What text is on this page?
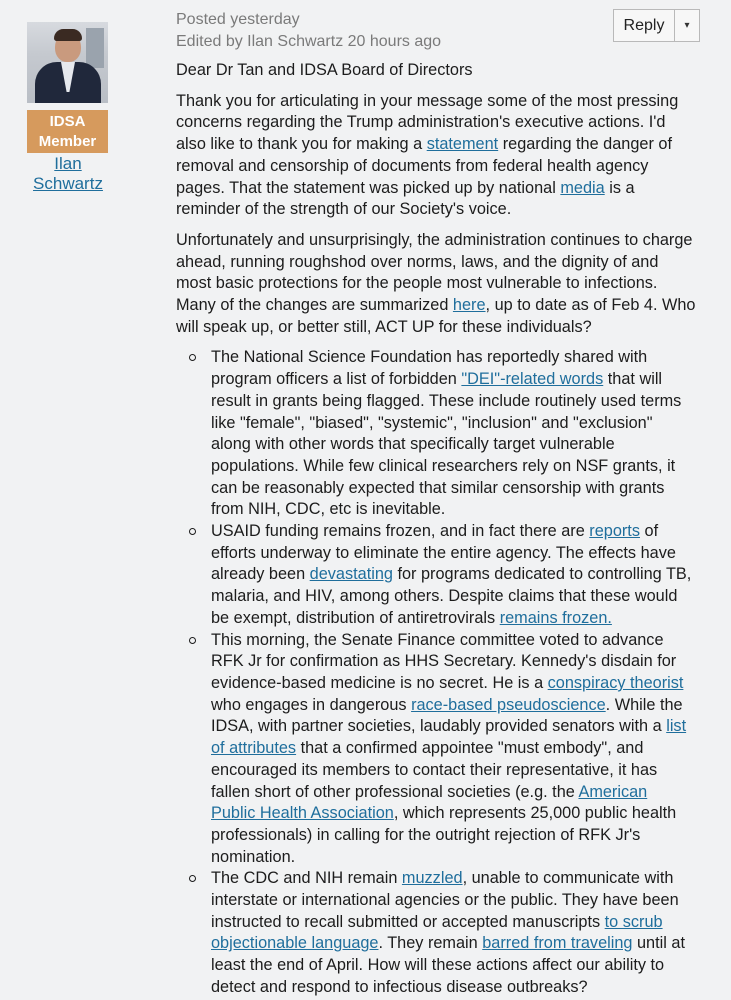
IDSA
Member
Ilan Schwartz
Posted yesterday
Edited by Ilan Schwartz 20 hours ago
Reply	▾

Dear Dr Tan and IDSA Board of Directors

Thank you for articulating in your message some of the most pressing concerns regarding the Trump administration's executive actions. I'd also like to thank you for making a statement regarding the danger of removal and censorship of documents from federal health agency pages. That the statement was picked up by national media is a reminder of the strength of our Society's voice.

Unfortunately and unsurprisingly, the administration continues to charge ahead, running roughshod over norms, laws, and the dignity of and most basic protections for the people most vulnerable to infections. Many of the changes are summarized here, up to date as of Feb 4. Who will speak up, or better still, ACT UP for these individuals?

The National Science Foundation has reportedly shared with program officers a list of forbidden "DEI"-related words that will result in grants being flagged. These include routinely used terms like "female", "biased", "systemic", "inclusion" and "exclusion" along with other words that specifically target vulnerable populations. While few clinical researchers rely on NSF grants, it can be reasonably expected that similar censorship with grants from NIH, CDC, etc is inevitable.
USAID funding remains frozen, and in fact there are reports of efforts underway to eliminate the entire agency. The effects have already been devastating for programs dedicated to controlling TB, malaria, and HIV, among others. Despite claims that these would be exempt, distribution of antiretrovirals remains frozen.
This morning, the Senate Finance committee voted to advance RFK Jr for confirmation as HHS Secretary. Kennedy's disdain for evidence-based medicine is no secret. He is a conspiracy theorist who engages in dangerous race-based pseudoscience. While the IDSA, with partner societies, laudably provided senators with a list of attributes that a confirmed appointee "must embody", and encouraged its members to contact their representative, it has fallen short of other professional societies (e.g. the American Public Health Association, which represents 25,000 public health professionals) in calling for the outright rejection of RFK Jr's nomination.
The CDC and NIH remain muzzled, unable to communicate with interstate or international agencies or the public. They have been instructed to recall submitted or accepted manuscripts to scrub objectionable language. They remain barred from traveling until at least the end of April. How will these actions affect our ability to detect and respond to infectious disease outbreaks?
